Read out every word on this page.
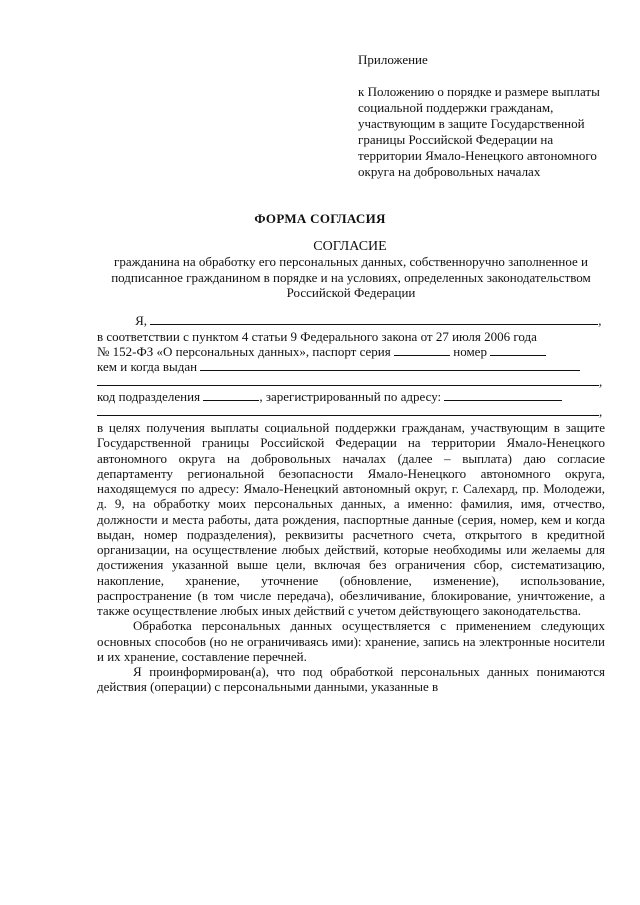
Приложение
к Положению о порядке и размере выплаты социальной поддержки гражданам, участвующим в защите Государственной границы Российской Федерации на территории Ямало-Ненецкого автономного округа на добровольных началах
ФОРМА СОГЛАСИЯ
СОГЛАСИЕ
гражданина на обработку его персональных данных, собственноручно заполненное и подписанное гражданином в порядке и на условиях, определенных законодательством Российской Федерации
Я,	,
в соответствии с пунктом 4 статьи 9 Федерального закона от 27 июля 2006 года
№ 152-ФЗ «О персональных данных», паспорт серия	номер
кем и когда выдан
,
код подразделения	, зарегистрированный по адресу:
,

в целях получения выплаты социальной поддержки гражданам, участвующим в защите Государственной границы Российской Федерации на территории Ямало-Ненецкого автономного округа на добровольных началах (далее – выплата) даю согласие департаменту региональной безопасности Ямало-Ненецкого автономного округа, находящемуся по адресу: Ямало-Ненецкий автономный округ, г. Салехард, пр. Молодежи, д. 9, на обработку моих персональных данных, а именно: фамилия, имя, отчество, должности и места работы, дата рождения, паспортные данные (серия, номер, кем и когда выдан, номер подразделения), реквизиты расчетного счета, открытого в кредитной организации, на осуществление любых действий, которые необходимы или желаемы для достижения указанной выше цели, включая без ограничения сбор, систематизацию, накопление, хранение, уточнение (обновление, изменение), использование, распространение (в том числе передача), обезличивание, блокирование, уничтожение, а также осуществление любых иных действий с учетом действующего законодательства.

Обработка персональных данных осуществляется с применением следующих основных способов (но не ограничиваясь ими): хранение, запись на электронные носители и их хранение, составление перечней.

Я проинформирован(а), что под обработкой персональных данных понимаются действия (операции) с персональными данными, указанные в
